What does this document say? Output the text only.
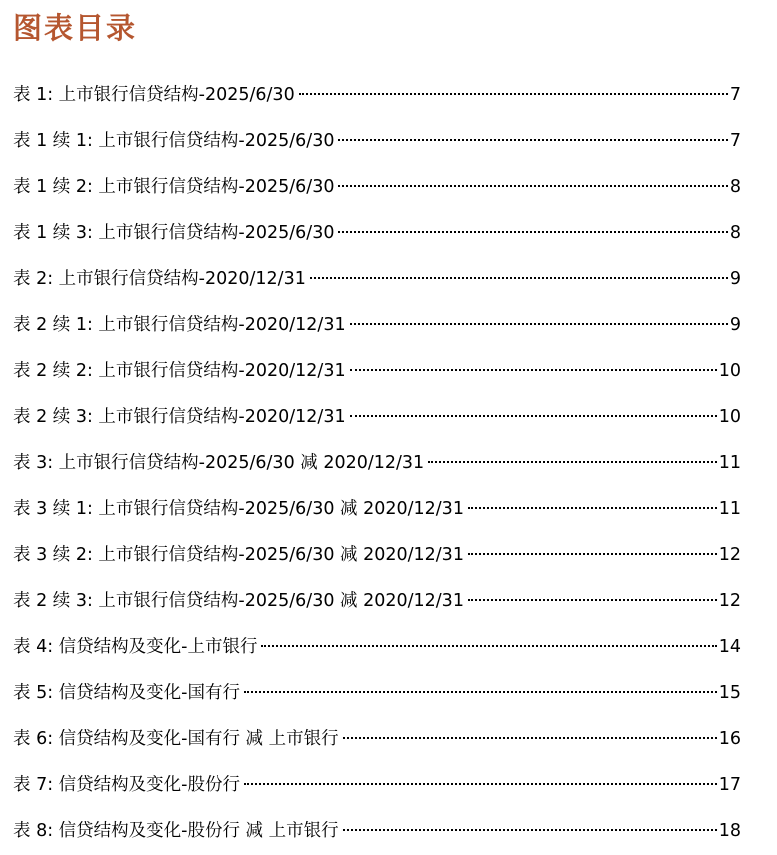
图表目录
表 1: 上市银行信贷结构-2025/6/30	7
表 1 续 1: 上市银行信贷结构-2025/6/30	7
表 1 续 2: 上市银行信贷结构-2025/6/30	8
表 1 续 3: 上市银行信贷结构-2025/6/30	8
表 2: 上市银行信贷结构-2020/12/31	9
表 2 续 1: 上市银行信贷结构-2020/12/31	9
表 2 续 2: 上市银行信贷结构-2020/12/31	10
表 2 续 3: 上市银行信贷结构-2020/12/31	10
表 3: 上市银行信贷结构-2025/6/30 减 2020/12/31	11
表 3 续 1: 上市银行信贷结构-2025/6/30 减 2020/12/31	11
表 3 续 2: 上市银行信贷结构-2025/6/30 减 2020/12/31	12
表 2 续 3: 上市银行信贷结构-2025/6/30 减 2020/12/31	12
表 4: 信贷结构及变化-上市银行	14
表 5: 信贷结构及变化-国有行	15
表 6: 信贷结构及变化-国有行 减 上市银行	16
表 7: 信贷结构及变化-股份行	17
表 8: 信贷结构及变化-股份行 减 上市银行	18
